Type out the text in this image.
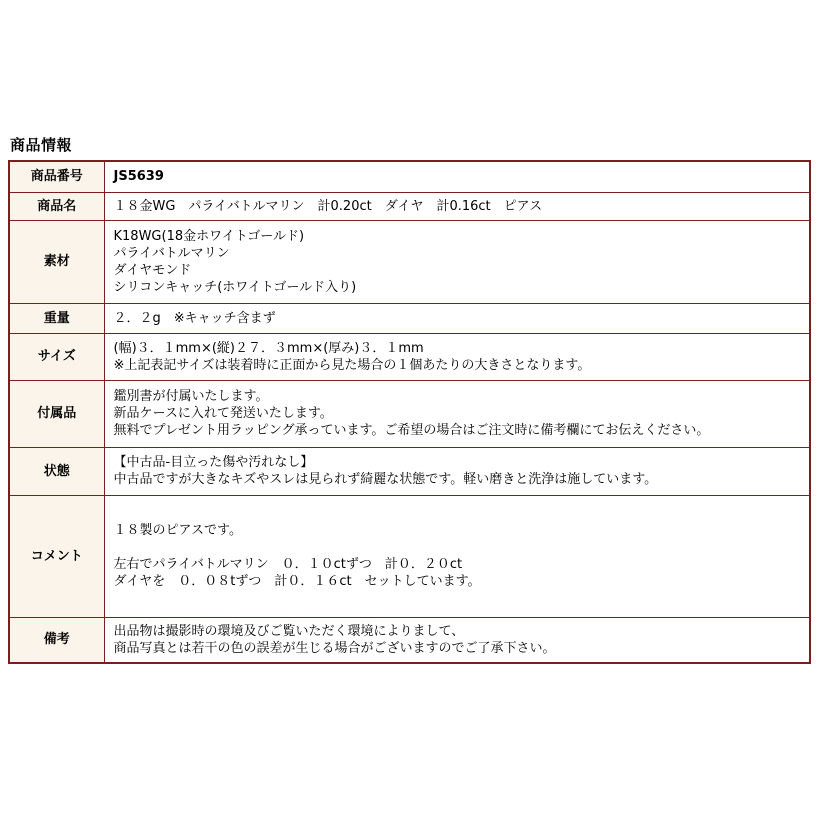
商品情報
商品番号	JS5639
商品名	１８金WG　パライバトルマリン　計0.20ct　ダイヤ　計0.16ct　ピアス
素材	K18WG(18金ホワイトゴールド)
パライバトルマリン
ダイヤモンド
シリコンキャッチ(ホワイトゴールド入り)

重量	２．２g　※キャッチ含まず
サイズ	(幅)３．１mm×(縦)２７．３mm×(厚み)３．１mm
※上記表記サイズは装着時に正面から見た場合の１個あたりの大きさとなります。

付属品	鑑別書が付属いたします。
新品ケースに入れて発送いたします。
無料でプレゼント用ラッピング承っています。ご希望の場合はご注文時に備考欄にてお伝えください。

状態	【中古品-目立った傷や汚れなし】
中古品ですが大きなキズやスレは見られず綺麗な状態です。軽い磨きと洗浄は施しています。

コメント	１８製のピアスです。
左右でパライバトルマリン　０．１０ctずつ　計０．２０ct
ダイヤを　０．０８tずつ　計０．１６ct　セットしています。

備考	出品物は撮影時の環境及びご覧いただく環境によりまして、
商品写真とは若干の色の誤差が生じる場合がございますのでご了承下さい。
